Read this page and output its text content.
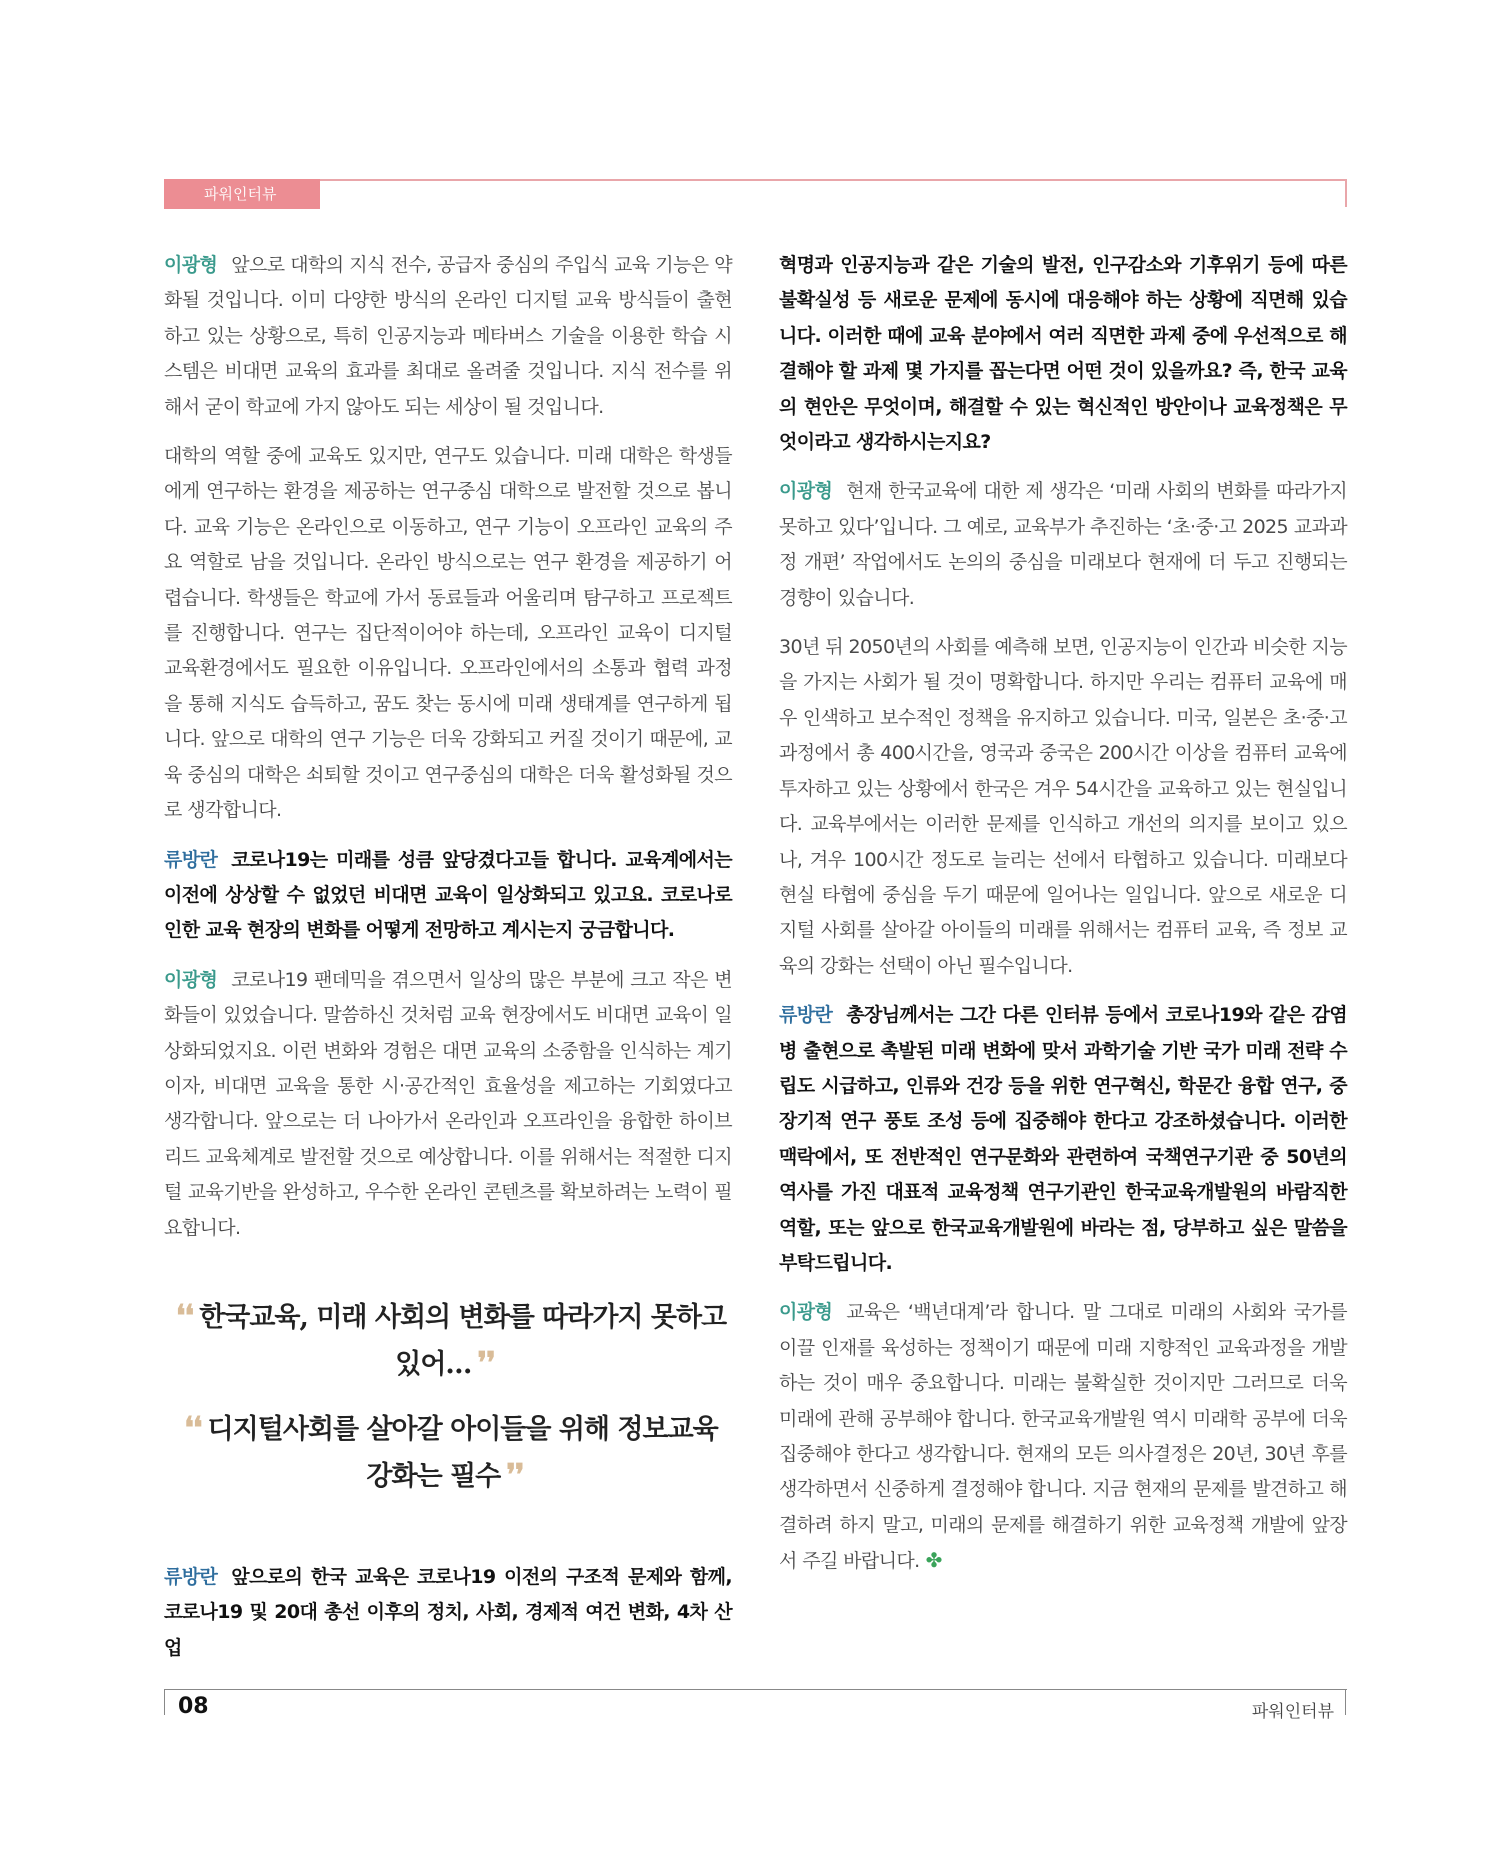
파워인터뷰

이광형 앞으로 대학의 지식 전수, 공급자 중심의 주입식 교육 기능은 약화될 것입니다. 이미 다양한 방식의 온라인 디지털 교육 방식들이 출현하고 있는 상황으로, 특히 인공지능과 메타버스 기술을 이용한 학습 시스템은 비대면 교육의 효과를 최대로 올려줄 것입니다. 지식 전수를 위해서 굳이 학교에 가지 않아도 되는 세상이 될 것입니다.

대학의 역할 중에 교육도 있지만, 연구도 있습니다. 미래 대학은 학생들에게 연구하는 환경을 제공하는 연구중심 대학으로 발전할 것으로 봅니다. 교육 기능은 온라인으로 이동하고, 연구 기능이 오프라인 교육의 주요 역할로 남을 것입니다. 온라인 방식으로는 연구 환경을 제공하기 어렵습니다. 학생들은 학교에 가서 동료들과 어울리며 탐구하고 프로젝트를 진행합니다. 연구는 집단적이어야 하는데, 오프라인 교육이 디지털 교육환경에서도 필요한 이유입니다. 오프라인에서의 소통과 협력 과정을 통해 지식도 습득하고, 꿈도 찾는 동시에 미래 생태계를 연구하게 됩니다. 앞으로 대학의 연구 기능은 더욱 강화되고 커질 것이기 때문에, 교육 중심의 대학은 쇠퇴할 것이고 연구중심의 대학은 더욱 활성화될 것으로 생각합니다.

류방란 코로나19는 미래를 성큼 앞당겼다고들 합니다. 교육계에서는 이전에 상상할 수 없었던 비대면 교육이 일상화되고 있고요. 코로나로 인한 교육 현장의 변화를 어떻게 전망하고 계시는지 궁금합니다.

이광형 코로나19 팬데믹을 겪으면서 일상의 많은 부분에 크고 작은 변화들이 있었습니다. 말씀하신 것처럼 교육 현장에서도 비대면 교육이 일상화되었지요. 이런 변화와 경험은 대면 교육의 소중함을 인식하는 계기이자, 비대면 교육을 통한 시·공간적인 효율성을 제고하는 기회였다고 생각합니다. 앞으로는 더 나아가서 온라인과 오프라인을 융합한 하이브리드 교육체계로 발전할 것으로 예상합니다. 이를 위해서는 적절한 디지털 교육기반을 완성하고, 우수한 온라인 콘텐츠를 확보하려는 노력이 필요합니다.

❛❛ 한국교육, 미래 사회의 변화를 따라가지 못하고 있어… ❜❜

❛❛ 디지털사회를 살아갈 아이들을 위해 정보교육 강화는 필수 ❜❜

류방란 앞으로의 한국 교육은 코로나19 이전의 구조적 문제와 함께, 코로나19 및 20대 총선 이후의 정치, 사회, 경제적 여건 변화, 4차 산업

혁명과 인공지능과 같은 기술의 발전, 인구감소와 기후위기 등에 따른 불확실성 등 새로운 문제에 동시에 대응해야 하는 상황에 직면해 있습니다. 이러한 때에 교육 분야에서 여러 직면한 과제 중에 우선적으로 해결해야 할 과제 몇 가지를 꼽는다면 어떤 것이 있을까요? 즉, 한국 교육의 현안은 무엇이며, 해결할 수 있는 혁신적인 방안이나 교육정책은 무엇이라고 생각하시는지요?

이광형 현재 한국교육에 대한 제 생각은 ‘미래 사회의 변화를 따라가지 못하고 있다’입니다. 그 예로, 교육부가 추진하는 ‘초·중·고 2025 교과과정 개편’ 작업에서도 논의의 중심을 미래보다 현재에 더 두고 진행되는 경향이 있습니다.

30년 뒤 2050년의 사회를 예측해 보면, 인공지능이 인간과 비슷한 지능을 가지는 사회가 될 것이 명확합니다. 하지만 우리는 컴퓨터 교육에 매우 인색하고 보수적인 정책을 유지하고 있습니다. 미국, 일본은 초·중·고 과정에서 총 400시간을, 영국과 중국은 200시간 이상을 컴퓨터 교육에 투자하고 있는 상황에서 한국은 겨우 54시간을 교육하고 있는 현실입니다. 교육부에서는 이러한 문제를 인식하고 개선의 의지를 보이고 있으나, 겨우 100시간 정도로 늘리는 선에서 타협하고 있습니다. 미래보다 현실 타협에 중심을 두기 때문에 일어나는 일입니다. 앞으로 새로운 디지털 사회를 살아갈 아이들의 미래를 위해서는 컴퓨터 교육, 즉 정보 교육의 강화는 선택이 아닌 필수입니다.

류방란 총장님께서는 그간 다른 인터뷰 등에서 코로나19와 같은 감염병 출현으로 촉발된 미래 변화에 맞서 과학기술 기반 국가 미래 전략 수립도 시급하고, 인류와 건강 등을 위한 연구혁신, 학문간 융합 연구, 중장기적 연구 풍토 조성 등에 집중해야 한다고 강조하셨습니다. 이러한 맥락에서, 또 전반적인 연구문화와 관련하여 국책연구기관 중 50년의 역사를 가진 대표적 교육정책 연구기관인 한국교육개발원의 바람직한 역할, 또는 앞으로 한국교육개발원에 바라는 점, 당부하고 싶은 말씀을 부탁드립니다.

이광형 교육은 ‘백년대계’라 합니다. 말 그대로 미래의 사회와 국가를 이끌 인재를 육성하는 정책이기 때문에 미래 지향적인 교육과정을 개발하는 것이 매우 중요합니다. 미래는 불확실한 것이지만 그러므로 더욱 미래에 관해 공부해야 합니다. 한국교육개발원 역시 미래학 공부에 더욱 집중해야 한다고 생각합니다. 현재의 모든 의사결정은 20년, 30년 후를 생각하면서 신중하게 결정해야 합니다. 지금 현재의 문제를 발견하고 해결하려 하지 말고, 미래의 문제를 해결하기 위한 교육정책 개발에 앞장서 주길 바랍니다. ✤

08	파워인터뷰
